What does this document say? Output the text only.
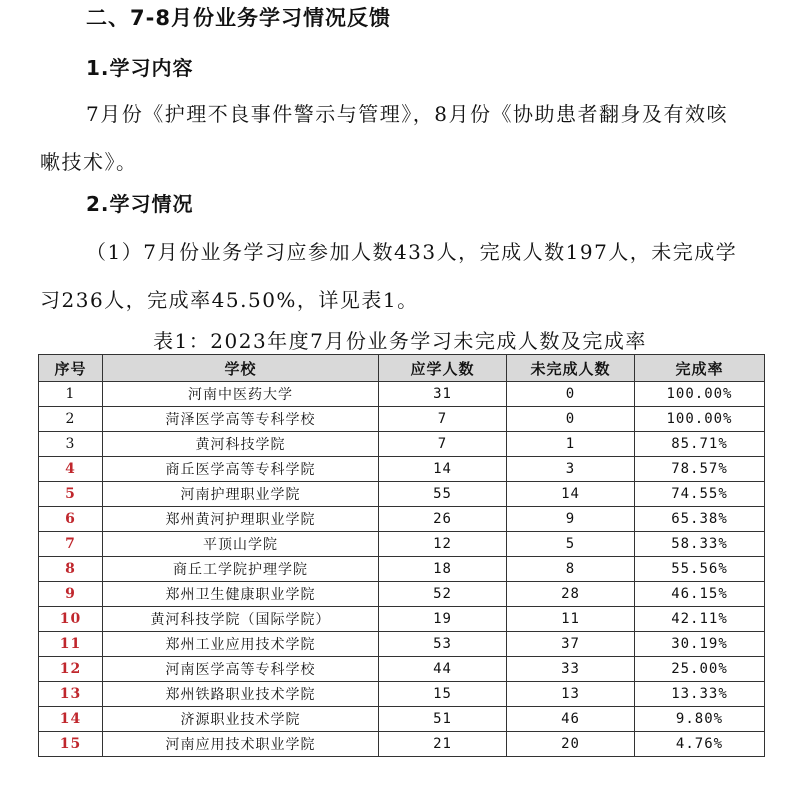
二、7-8月份业务学习情况反馈
1.学习内容
7月份《护理不良事件警示与管理》，8月份《协助患者翻身及有效咳
嗽技术》。
2.学习情况
（1）7月份业务学习应参加人数433人，完成人数197人，未完成学
习236人，完成率45.50%，详见表1。
表1：2023年度7月份业务学习未完成人数及完成率
序号	学校	应学人数	未完成人数	完成率
1	河南中医药大学	31	0	100.00%
2	菏泽医学高等专科学校	7	0	100.00%
3	黄河科技学院	7	1	85.71%
4	商丘医学高等专科学院	14	3	78.57%
5	河南护理职业学院	55	14	74.55%
6	郑州黄河护理职业学院	26	9	65.38%
7	平顶山学院	12	5	58.33%
8	商丘工学院护理学院	18	8	55.56%
9	郑州卫生健康职业学院	52	28	46.15%
10	黄河科技学院（国际学院）	19	11	42.11%
11	郑州工业应用技术学院	53	37	30.19%
12	河南医学高等专科学校	44	33	25.00%
13	郑州铁路职业技术学院	15	13	13.33%
14	济源职业技术学院	51	46	9.80%
15	河南应用技术职业学院	21	20	4.76%
